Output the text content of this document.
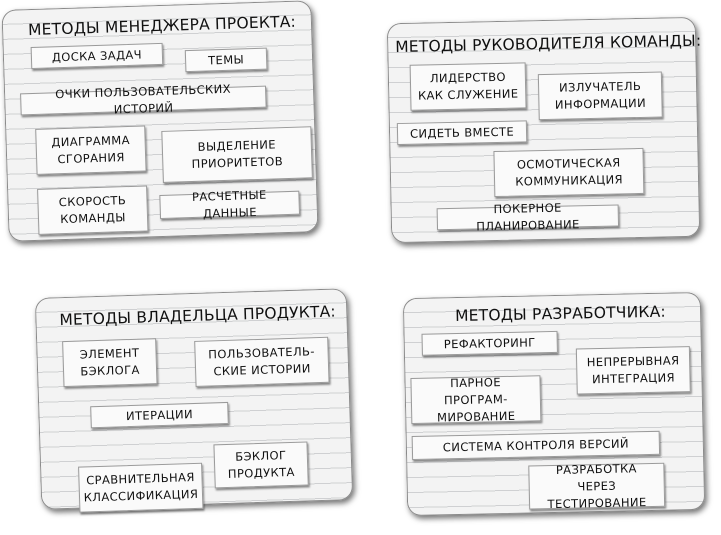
МЕТОДЫ МЕНЕДЖЕРА ПРОЕКТА:
ДОСКА ЗАДАЧ	ТЕМЫ
ОЧКИ ПОЛЬЗОВАТЕЛЬСКИХ ИСТОРИЙ
ДИАГРАММА
СГОРАНИЯ
ВЫДЕЛЕНИЕ
ПРИОРИТЕТОВ
СКОРОСТЬ
КОМАНДЫ
РАСЧЕТНЫЕ ДАННЫЕ
МЕТОДЫ РУКОВОДИТЕЛЯ КОМАНДЫ:
ЛИДЕРСТВО
КАК СЛУЖЕНИЕ	ИЗЛУЧАТЕЛЬ
ИНФОРМАЦИИ
СИДЕТЬ ВМЕСТЕ
ОСМОТИЧЕСКАЯ
КОММУНИКАЦИЯ
ПОКЕРНОЕ ПЛАНИРОВАНИЕ
МЕТОДЫ ВЛАДЕЛЬЦА ПРОДУКТА:
ЭЛЕМЕНТ
БЭКЛОГА
ПОЛЬЗОВАТЕЛЬ-
СКИЕ ИСТОРИИ
ИТЕРАЦИИ
БЭКЛОГ
ПРОДУКТА
СРАВНИТЕЛЬНАЯ
КЛАССИФИКАЦИЯ
МЕТОДЫ РАЗРАБОТЧИКА:
РЕФАКТОРИНГ
НЕПРЕРЫВНАЯ
ИНТЕГРАЦИЯ
ПАРНОЕ ПРОГРАМ-
МИРОВАНИЕ
СИСТЕМА КОНТРОЛЯ ВЕРСИЙ
РАЗРАБОТКА ЧЕРЕЗ
ТЕСТИРОВАНИЕ
